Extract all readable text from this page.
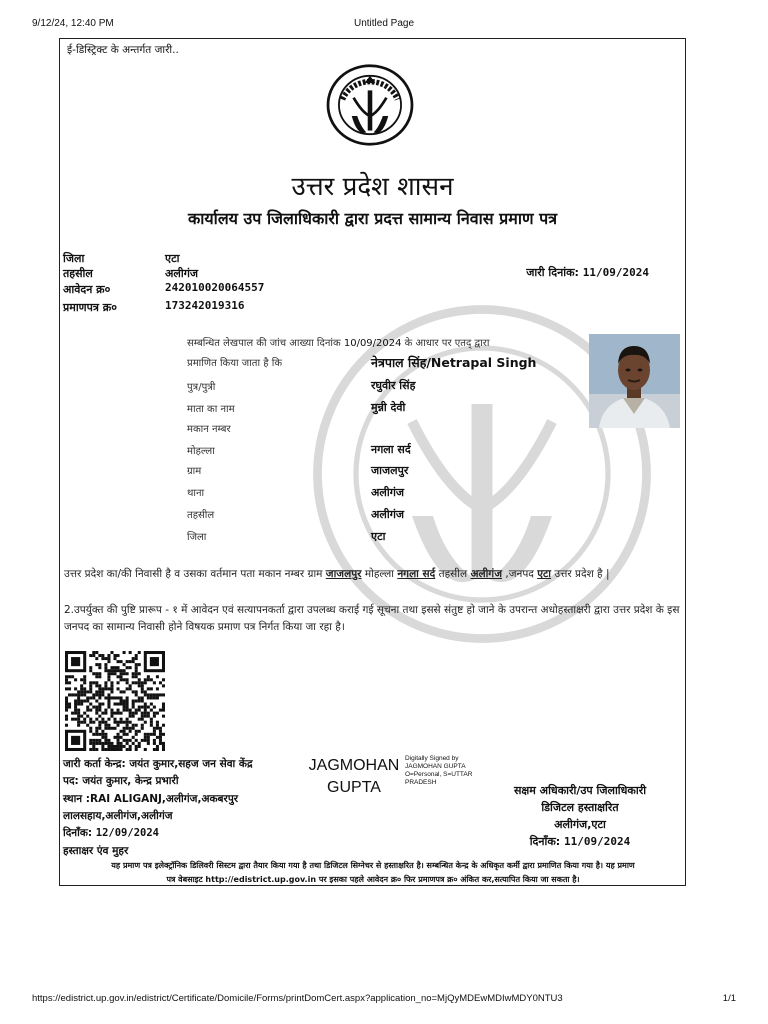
9/12/24, 12:40 PM	Untitled Page
ई-डिस्ट्रिक्ट के अन्तर्गत जारी..
उत्तर प्रदेश शासन
कार्यालय उप जिलाधिकारी द्वारा प्रदत्त सामान्य निवास प्रमाण पत्र
जिला	एटा
तहसील	अलीगंज
आवेदन क्र०	242010020064557
प्रमाणपत्र क्र०	173242019316
जारी दिनांक: 11/09/2024
सम्बन्धित लेखपाल की जांच आख्या दिनांक 10/09/2024 के आधार पर एतद् द्वारा
प्रमाणित किया जाता है कि	नेत्रपाल सिंह/Netrapal Singh
पुत्र/पुत्री	रघुवीर सिंह
माता का नाम	मुन्नी देवी
मकान नम्बर
मोहल्ला	नगला सर्द
ग्राम	जाजलपुर
थाना	अलीगंज
तहसील	अलीगंज
जिला	एटा
उत्तर प्रदेश का/की निवासी है व उसका वर्तमान पता मकान नम्बर ग्राम जाजलपुर मोहल्ला नगला सर्द तहसील अलीगंज ,जनपद एटा उत्तर प्रदेश है |
2.उपर्युक्त की पुष्टि प्रारूप - १ में आवेदन एवं सत्यापनकर्ता द्वारा उपलब्ध कराई गई सूचना तथा इससे संतुष्ट हो जाने के उपरान्त अधोहस्ताक्षरी द्वारा उत्तर प्रदेश के इस जनपद का सामान्य निवासी होने विषयक प्रमाण पत्र निर्गत किया जा रहा है।
जारी कर्ता केन्द्र: जयंत कुमार,सहज जन सेवा केंद्र
पद: जयंत कुमार, केन्द्र प्रभारी
स्थान :RAI ALIGANJ,अलीगंज,अकबरपुर
लालसहाय,अलीगंज,अलीगंज
दिनाँक: 12/09/2024
हस्ताक्षर एंव मुहर
JAGMOHAN
GUPTA
Digitally Signed by
JAGMOHAN GUPTA
O=Personal, S=UTTAR
PRADESH
सक्षम अधिकारी/उप जिलाधिकारी
डिजिटल हस्ताक्षरित
अलीगंज,एटा
दिनाँक: 11/09/2024
यह प्रमाण पत्र इलेक्ट्रॉनिक डिलिवरी सिस्टम द्वारा तैयार किया गया है तथा डिजिटल सिग्नेचर से हस्ताक्षरित है। सम्बन्धित केन्द्र के अधिकृत कर्मी द्वारा प्रमाणित किया गया है। यह प्रमाण
पत्र वेबसाइट http://edistrict.up.gov.in पर इसका पहले आवेदन क्र० फिर प्रमाणपत्र क्र० अंकित कर,सत्यापित किया जा सकता है।
https://edistrict.up.gov.in/edistrict/Certificate/Domicile/Forms/printDomCert.aspx?application_no=MjQyMDEwMDIwMDY0NTU3	1/1
